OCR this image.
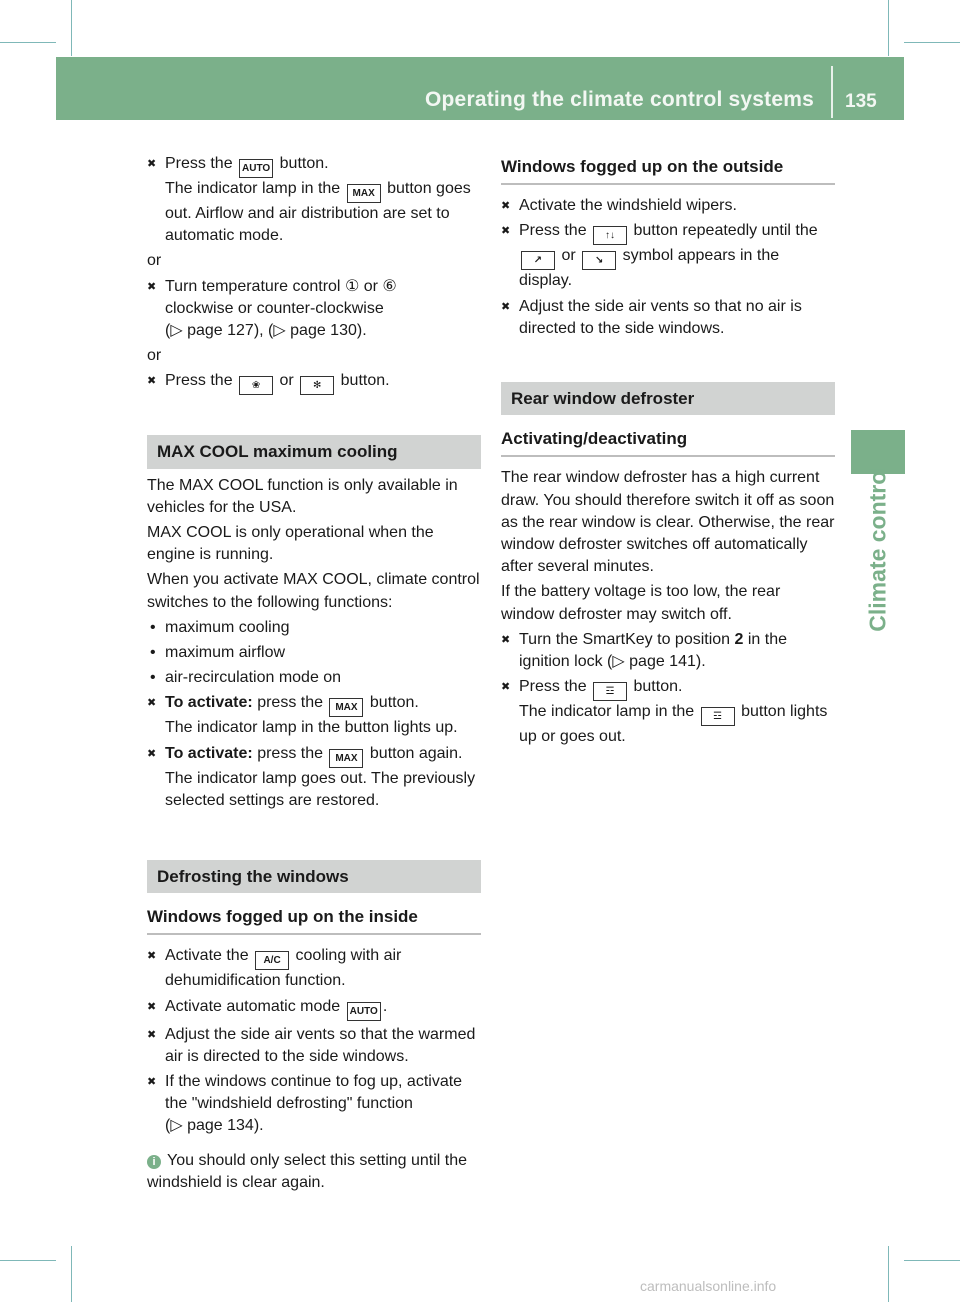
Operating the climate control systems 135
Climate control
✖ Press the AUTO button.
The indicator lamp in the MAX button goes out. Airflow and air distribution are set to automatic mode.

or

✖ Turn temperature control ① or ⑥
clockwise or counter-clockwise
(▷ page 127), (▷ page 130).

or

✖ Press the ❀ or ✻ button.
MAX COOL maximum cooling

The MAX COOL function is only available in vehicles for the USA.

MAX COOL is only operational when the engine is running.

When you activate MAX COOL, climate control switches to the following functions:

• maximum cooling
• maximum airflow
• air-recirculation mode on
✖ To activate: press the MAX button.
The indicator lamp in the button lights up.
✖ To activate: press the MAX button again.
The indicator lamp goes out. The previously selected settings are restored.
Defrosting the windows
Windows fogged up on the inside
✖ Activate the A/C cooling with air dehumidification function.
✖ Activate automatic mode AUTO .
✖ Adjust the side air vents so that the warmed air is directed to the side windows.
✖ If the windows continue to fog up, activate the "windshield defrosting" function
(▷ page 134).

i You should only select this setting until the windshield is clear again.

Windows fogged up on the outside
✖ Activate the windshield wipers.
✖ Press the ↑↓ button repeatedly until the
↗ or ↘ symbol appears in the display.
✖ Adjust the side air vents so that no air is directed to the side windows.
Rear window defroster
Activating/deactivating

The rear window defroster has a high current draw. You should therefore switch it off as soon as the rear window is clear. Otherwise, the rear window defroster switches off automatically after several minutes.

If the battery voltage is too low, the rear window defroster may switch off.

✖ Turn the SmartKey to position 2 in the ignition lock (▷ page 141).
✖ Press the ☲ button.
The indicator lamp in the ☲ button lights up or goes out.
carmanualsonline.info
